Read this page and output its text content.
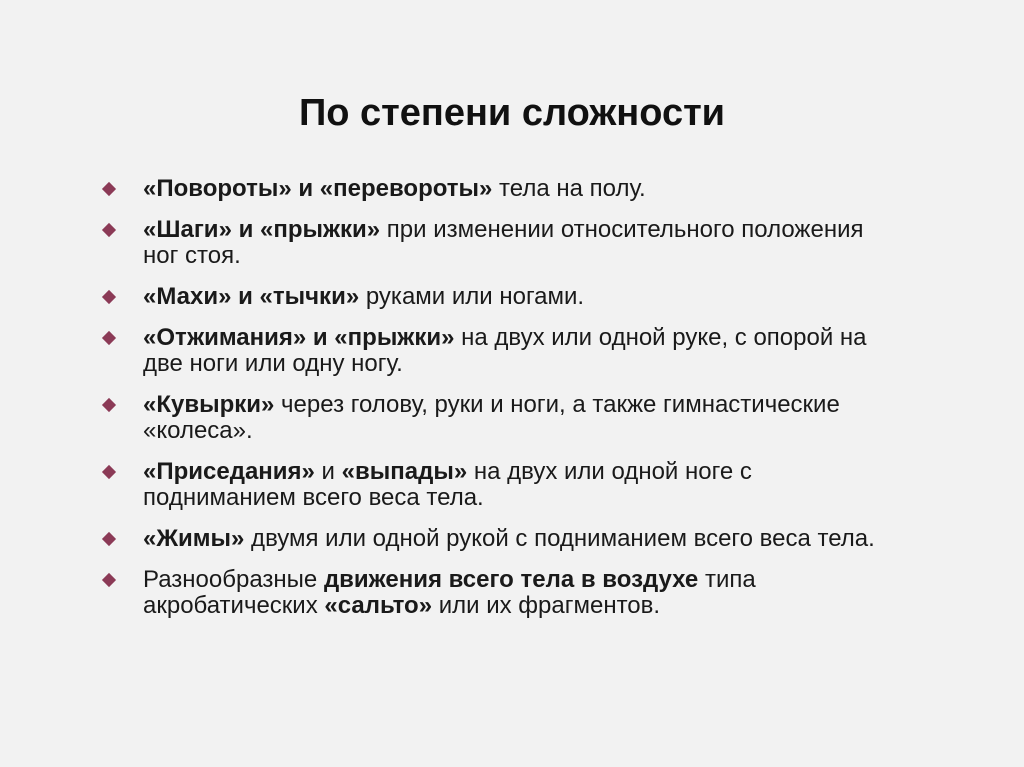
По степени сложности
«Повороты» и «перевороты» тела на полу.
«Шаги» и «прыжки» при изменении относительного положения ног стоя.
«Махи» и «тычки» руками или ногами.
«Отжимания» и «прыжки» на двух или одной руке, с опорой на две ноги или одну ногу.
«Кувырки» через голову, руки и ноги, а также гимнастические «колеса».
«Приседания» и «выпады» на двух или одной ноге с подниманием всего веса тела.
«Жимы» двумя или одной рукой с подниманием всего веса тела.
Разнообразные движения всего тела в воздухе типа акробатических «сальто» или их фрагментов.
